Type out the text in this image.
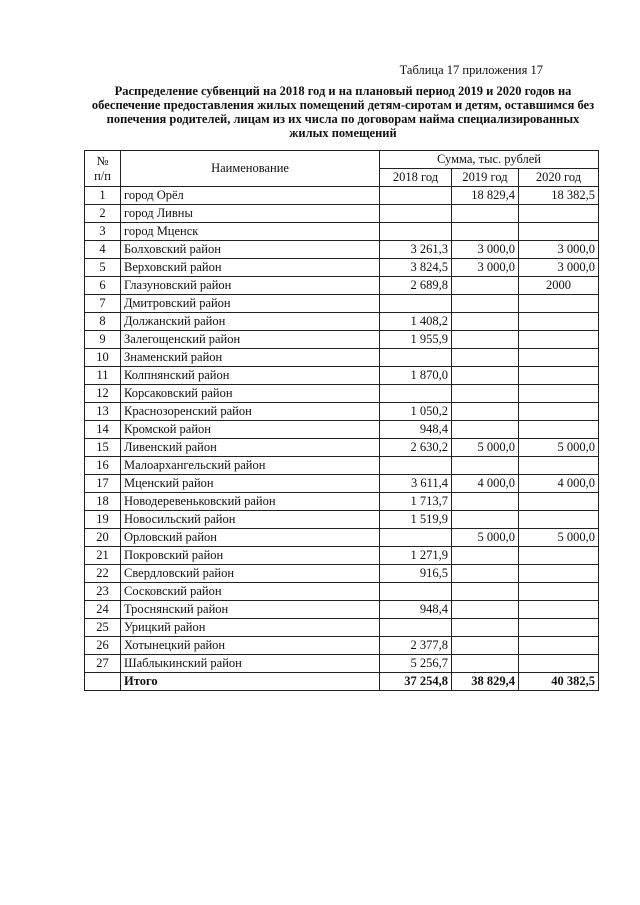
Таблица 17 приложения 17
Распределение субвенций на 2018 год и на плановый период 2019 и 2020 годов на обеспечение предоставления жилых помещений детям-сиротам и детям, оставшимся без попечения родителей, лицам из их числа по договорам найма специализированных жилых помещений
№
п/п	Наименование	Сумма, тыс. рублей		
		2018 год	2019 год	2020 год
1	город Орёл		18 829,4	18 382,5
2	город Ливны			
3	город Мценск			
4	Болховский район	3 261,3	3 000,0	3 000,0
5	Верховский район	3 824,5	3 000,0	3 000,0
6	Глазуновский район	2 689,8		2000
7	Дмитровский район			
8	Должанский район	1 408,2		
9	Залегощенский район	1 955,9		
10	Знаменский район			
11	Колпнянский район	1 870,0		
12	Корсаковский район			
13	Краснозоренский район	1 050,2		
14	Кромской район	948,4		
15	Ливенский район	2 630,2	5 000,0	5 000,0
16	Малоархангельский район			
17	Мценский район	3 611,4	4 000,0	4 000,0
18	Новодеревеньковский район	1 713,7		
19	Новосильский район	1 519,9		
20	Орловский район		5 000,0	5 000,0
21	Покровский район	1 271,9		
22	Свердловский район	916,5		
23	Сосковский район			
24	Троснянский район	948,4		
25	Урицкий район			
26	Хотынецкий район	2 377,8		
27	Шаблыкинский район	5 256,7		
	Итого	37 254,8	38 829,4	40 382,5
